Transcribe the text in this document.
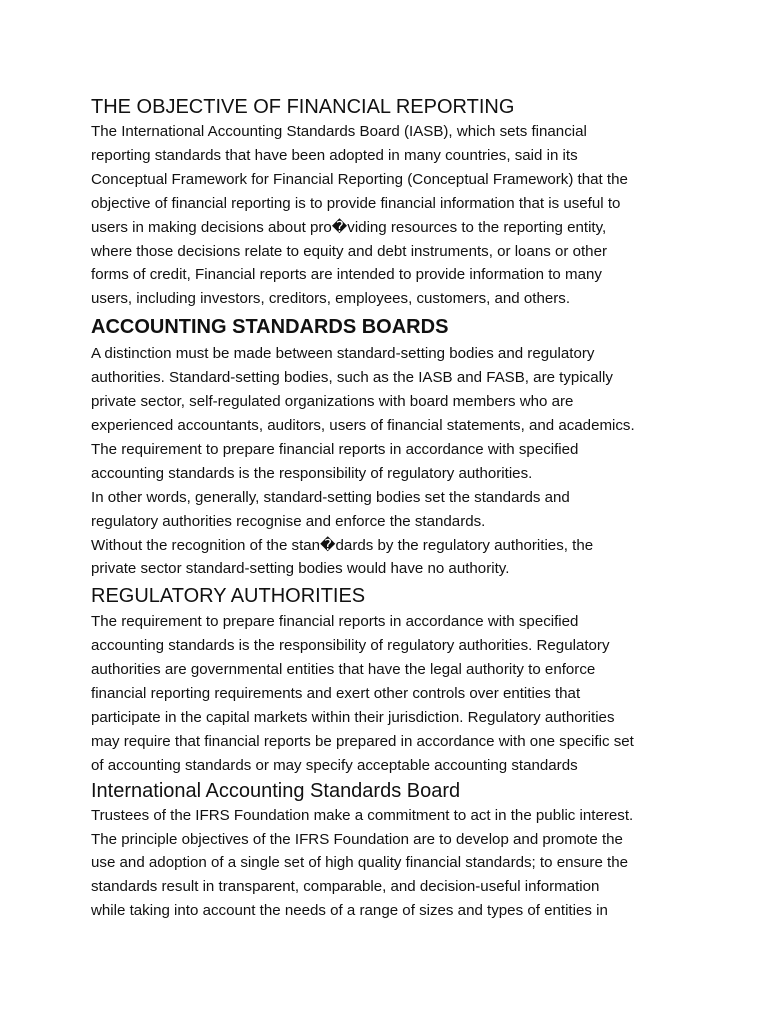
THE OBJECTIVE OF FINANCIAL REPORTING

The International Accounting Standards Board (IASB), which sets financial

reporting standards that have been adopted in many countries, said in its

Conceptual Framework for Financial Reporting (Conceptual Framework) that the

objective of financial reporting is to provide financial information that is useful to

users in making decisions about pro�viding resources to the reporting entity,

where those decisions relate to equity and debt instruments, or loans or other

forms of credit, Financial reports are intended to provide information to many

users, including investors, creditors, employees, customers, and others.

ACCOUNTING STANDARDS BOARDS

A distinction must be made between standard-setting bodies and regulatory

authorities. Standard-setting bodies, such as the IASB and FASB, are typically

private sector, self-regulated organizations with board members who are

experienced accountants, auditors, users of financial statements, and academics.

The requirement to prepare financial reports in accordance with specified

accounting standards is the responsibility of regulatory authorities.

In other words, generally, standard-setting bodies set the standards and

regulatory authorities recognise and enforce the standards.

Without the recognition of the stan�dards by the regulatory authorities, the

private sector standard-setting bodies would have no authority.

REGULATORY AUTHORITIES

The requirement to prepare financial reports in accordance with specified

accounting standards is the responsibility of regulatory authorities. Regulatory

authorities are governmental entities that have the legal authority to enforce

financial reporting requirements and exert other controls over entities that

participate in the capital markets within their jurisdiction. Regulatory authorities

may require that financial reports be prepared in accordance with one specific set

of accounting standards or may specify acceptable accounting standards

International Accounting Standards Board

Trustees of the IFRS Foundation make a commitment to act in the public interest.

The principle objectives of the IFRS Foundation are to develop and promote the

use and adoption of a single set of high quality financial standards; to ensure the

standards result in transparent, comparable, and decision-useful information

while taking into account the needs of a range of sizes and types of entities in
